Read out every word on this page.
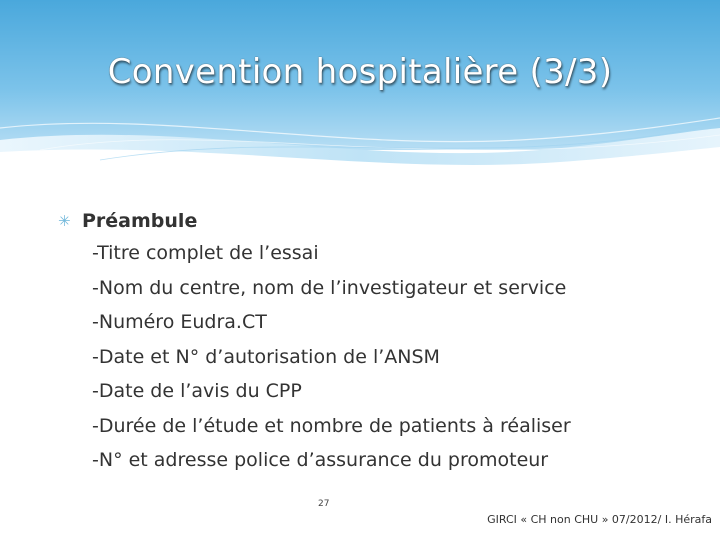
Convention hospitalière (3/3)
✳ Préambule
-Titre complet de l’essai
-Nom du centre, nom de l’investigateur et service
-Numéro Eudra.CT
-Date et N° d’autorisation de l’ANSM
-Date de l’avis du CPP
-Durée de l’étude et nombre de patients à réaliser
-N° et adresse police d’assurance du promoteur
27
GIRCI « CH non CHU » 07/2012/ I. Hérafa
